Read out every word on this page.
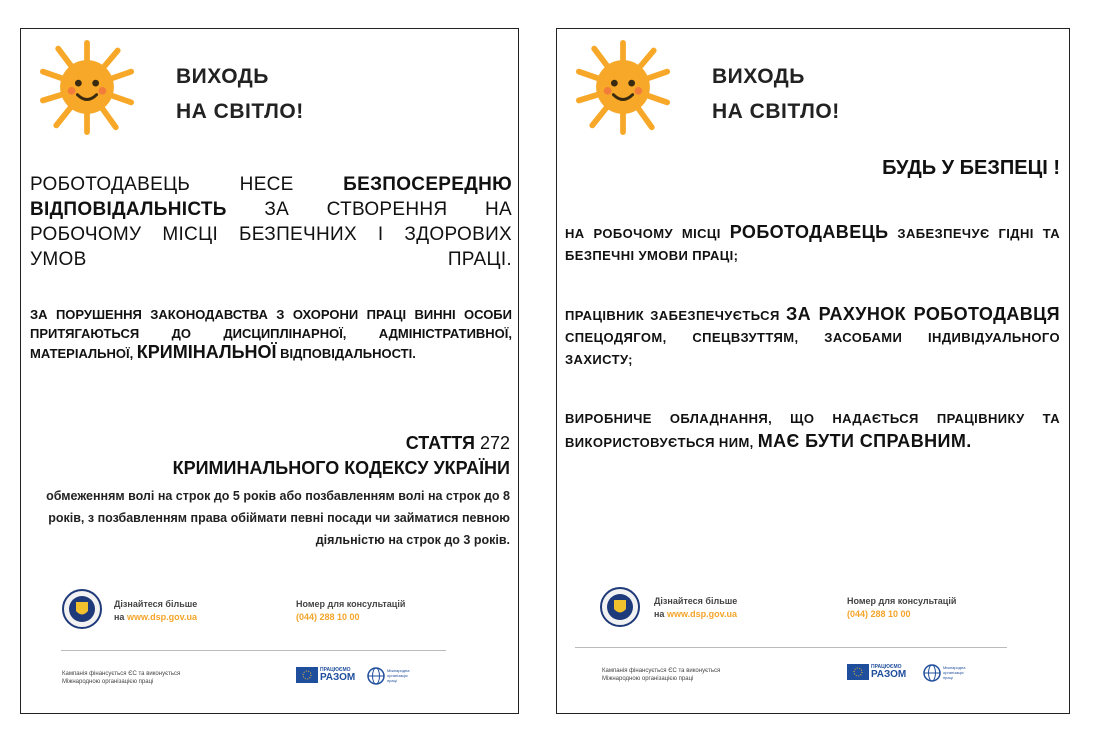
ВИХОДЬ
НА СВІТЛО!
РОБОТОДАВЕЦЬ НЕСЕ БЕЗПОСЕРЕДНЮ ВІДПОВІДАЛЬНІСТЬ ЗА СТВОРЕННЯ НА РОБОЧОМУ МІСЦІ БЕЗПЕЧНИХ І ЗДОРОВИХ УМОВ ПРАЦІ.
ЗА ПОРУШЕННЯ ЗАКОНОДАВСТВА З ОХОРОНИ ПРАЦІ ВИННІ ОСОБИ ПРИТЯГАЮТЬСЯ ДО ДИСЦИПЛІНАРНОЇ, АДМІНІСТРАТИВНОЇ, МАТЕРІАЛЬНОЇ, КРИМІНАЛЬНОЇ ВІДПОВІДАЛЬНОСТІ.
СТАТТЯ 272
КРИМИНАЛЬНОГО КОДЕКСУ УКРАЇНИ
обмеженням волі на строк до 5 років або позбавленням волі на строк до 8 років, з позбавленням права обіймати певні посади чи займатися певною діяльністю на строк до 3 років.
Дізнайтеся більше
на www.dsp.gov.ua
Номер для консультацій
(044) 288 10 00
Кампанія фінансується ЄС та виконується
Міжнародною організацією праці
ПРАЦЮЄМО
РАЗОМ
Міжнародна
організація
праці
ВИХОДЬ
НА СВІТЛО!
БУДЬ У БЕЗПЕЦІ !
НА РОБОЧОМУ МІСЦІ РОБОТОДАВЕЦЬ ЗАБЕЗПЕЧУЄ ГІДНІ ТА БЕЗПЕЧНІ УМОВИ ПРАЦІ;
ПРАЦІВНИК ЗАБЕЗПЕЧУЄТЬСЯ ЗА РАХУНОК РОБОТОДАВЦЯ СПЕЦОДЯГОМ, СПЕЦВЗУТТЯМ, ЗАСОБАМИ ІНДИВІДУАЛЬНОГО ЗАХИСТУ;
ВИРОБНИЧЕ ОБЛАДНАННЯ, ЩО НАДАЄТЬСЯ ПРАЦІВНИКУ ТА ВИКОРИСТОВУЄТЬСЯ НИМ, МАЄ БУТИ СПРАВНИМ.
Дізнайтеся більше
на www.dsp.gov.ua
Номер для консультацій
(044) 288 10 00
Кампанія фінансується ЄС та виконується
Міжнародною організацією праці
ПРАЦЮЄМО
РАЗОМ
Міжнародна
організація
праці
